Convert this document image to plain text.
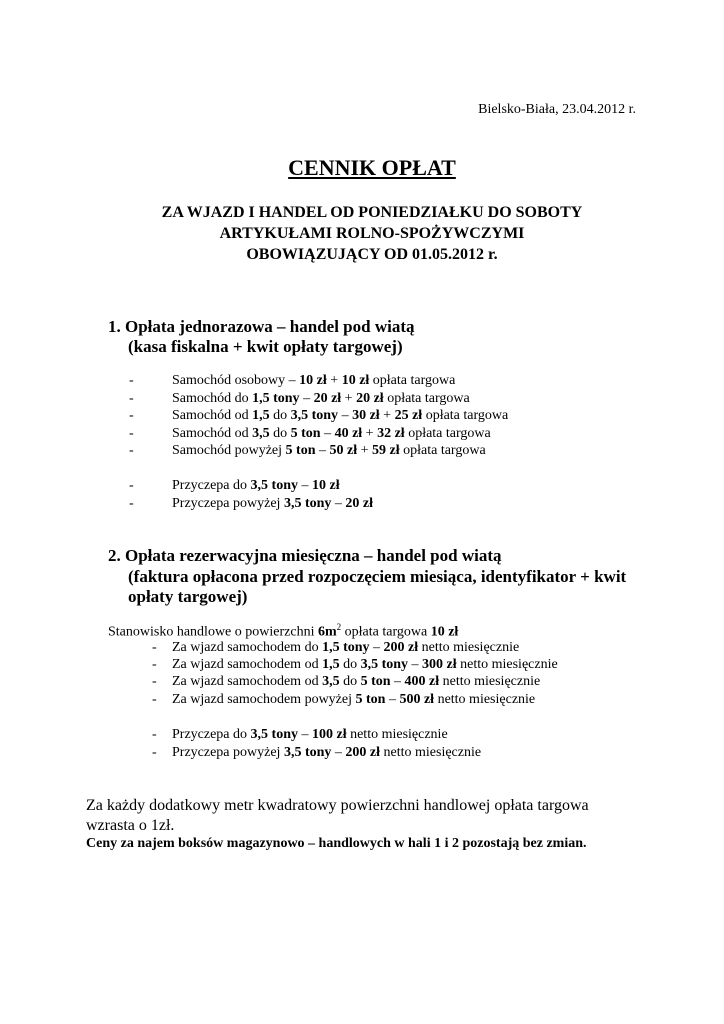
Bielsko-Biała, 23.04.2012 r.
CENNIK OPŁAT
ZA WJAZD I HANDEL OD PONIEDZIAŁKU DO SOBOTY
ARTYKUŁAMI ROLNO-SPOŻYWCZYMI
OBOWIĄZUJĄCY OD 01.05.2012 r.
1. Opłata jednorazowa – handel pod wiatą
(kasa fiskalna + kwit opłaty targowej)
-	Samochód osobowy – 10 zł + 10 zł opłata targowa
-	Samochód do 1,5 tony – 20 zł + 20 zł opłata targowa
-	Samochód od 1,5 do 3,5 tony – 30 zł + 25 zł opłata targowa
-	Samochód od 3,5 do 5 ton – 40 zł + 32 zł opłata targowa
-	Samochód powyżej 5 ton – 50 zł + 59 zł opłata targowa
-	Przyczepa do 3,5 tony – 10 zł
-	Przyczepa powyżej 3,5 tony – 20 zł
2. Opłata rezerwacyjna miesięczna – handel pod wiatą
(faktura opłacona przed rozpoczęciem miesiąca, identyfikator + kwit
opłaty targowej)
Stanowisko handlowe o powierzchni $6m^2$ opłata targowa 10 zł
- Za wjazd samochodem do 1,5 tony – 200 zł netto miesięcznie
- Za wjazd samochodem od 1,5 do 3,5 tony – 300 zł netto miesięcznie
- Za wjazd samochodem od 3,5 do 5 ton – 400 zł netto miesięcznie
- Za wjazd samochodem powyżej 5 ton – 500 zł netto miesięcznie
- Przyczepa do 3,5 tony – 100 zł netto miesięcznie
- Przyczepa powyżej 3,5 tony – 200 zł netto miesięcznie
Za każdy dodatkowy metr kwadratowy powierzchni handlowej opłata targowa
wzrasta o 1zł.
Ceny za najem boksów magazynowo – handlowych w hali 1 i 2 pozostają bez zmian.
